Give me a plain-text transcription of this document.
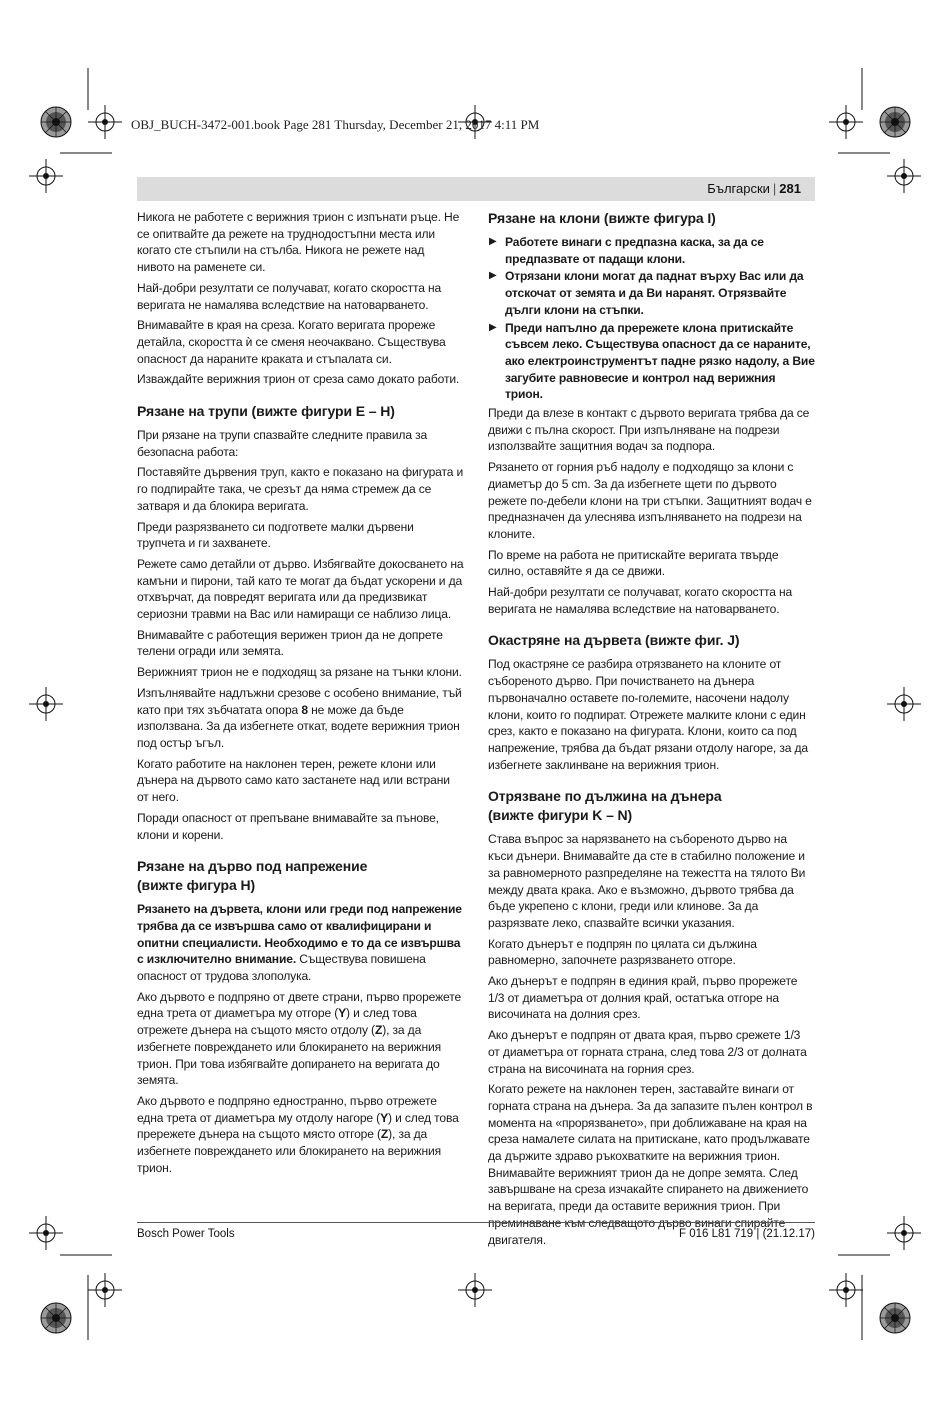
OBJ_BUCH-3472-001.book Page 281 Thursday, December 21, 2017 4:11 PM
Български | 281

Никога не работете с верижния трион с изпънати ръце. Не се опитвайте да режете на труднодостъпни места или когато сте стъпили на стълба. Никога не режете над нивото на раменете си.

Най-добри резултати се получават, когато скоростта на веригата не намалява вследствие на натоварването.

Внимавайте в края на среза. Когато веригата прореже детайла, скоростта ѝ се сменя неочаквано. Съществува опасност да нараните краката и стъпалата си.

Изваждайте верижния трион от среза само докато работи.

Рязане на трупи (вижте фигури E – H)

При рязане на трупи спазвайте следните правила за безопасна работа:

Поставяйте дървения труп, както е показано на фигурата и го подпирайте така, че срезът да няма стремеж да се затваря и да блокира веригата.

Преди разрязването си подгответе малки дървени трупчета и ги захванете.

Режете само детайли от дърво. Избягвайте докосването на камъни и пирони, тай като те могат да бъдат ускорени и да отхвърчат, да повредят веригата или да предизвикат сериозни травми на Вас или намиращи се наблизо лица.

Внимавайте с работещия верижен трион да не допрете телени огради или земята.

Верижният трион не е подходящ за рязане на тънки клони.

Изпълнявайте надлъжни срезове с особено внимание, тъй като при тях зъбчатата опора 8 не може да бъде използвана. За да избегнете откат, водете верижния трион под остър ъгъл.

Когато работите на наклонен терен, режете клони или дънера на дървото само като застанете над или встрани от него.

Поради опасност от препъване внимавайте за пънове, клони и корени.

Рязане на дърво под напрежение
(вижте фигура H)

Рязането на дървета, клони или греди под напрежение трябва да се извършва само от квалифицирани и опитни специалисти. Необходимо е то да се извършва с изключително внимание. Съществува повишена опасност от трудова злополука.

Ако дървото е подпряно от двете страни, първо прорежете една трета от диаметъра му отгоре (Y) и след това отрежете дънера на същото място отдолу (Z), за да избегнете повреждането или блокирането на верижния трион. При това избягвайте допирането на веригата до земята.

Ако дървото е подпряно едностранно, първо отрежете една трета от диаметъра му отдолу нагоре (Y) и след това прережете дънера на същото място отгоре (Z), за да избегнете повреждането или блокирането на верижния трион.

Рязане на клони (вижте фигура I)
▶ Работете винаги с предпазна каска, за да се предпазвате от падащи клони.
▶ Отрязани клони могат да паднат върху Вас или да отскочат от земята и да Ви наранят. Отрязвайте дълги клони на стъпки.
▶ Преди напълно да прережете клона притискайте съвсем леко. Съществува опасност да се нараните, ако електроинструментът падне рязко надолу, а Вие загубите равновесие и контрол над верижния трион.

Преди да влезе в контакт с дървото веригата трябва да се движи с пълна скорост. При изпълняване на подрези използвайте защитния водач за подпора.

Рязането от горния ръб надолу е подходящо за клони с диаметър до 5 cm. За да избегнете щети по дървото режете по-дебели клони на три стъпки. Защитният водач е предназначен да улеснява изпълняването на подрези на клоните.

По време на работа не притискайте веригата твърде силно, оставяйте я да се движи.

Най-добри резултати се получават, когато скоростта на веригата не намалява вследствие на натоварването.

Окастряне на дървета (вижте фиг. J)

Под окастряне се разбира отрязването на клоните от събореното дърво. При почистването на дънера първоначално оставете по-големите, насочени надолу клони, които го подпират. Отрежете малките клони с един срез, както е показано на фигурата. Клони, които са под напрежение, трябва да бъдат рязани отдолу нагоре, за да избегнете заклинване на верижния трион.

Отрязване по дължина на дънера
(вижте фигури K – N)

Става въпрос за нарязването на събореното дърво на къси дънери. Внимавайте да сте в стабилно положение и за равномерното разпределяне на тежестта на тялото Ви между двата крака. Ако е възможно, дървото трябва да бъде укрепено с клони, греди или клинове. За да разрязвате леко, спазвайте всички указания.

Когато дънерът е подпрян по цялата си дължина равномерно, започнете разрязването отгоре.

Ако дънерът е подпрян в единия край, първо прорежете 1/3 от диаметъра от долния край, остатъка отгоре на височината на долния срез.

Ако дънерът е подпрян от двата края, първо срежете 1/3 от диаметъра от горната страна, след това 2/3 от долната страна на височината на горния срез.

Когато режете на наклонен терен, заставайте винаги от горната страна на дънера. За да запазите пълен контрол в момента на «прорязването», при доближаване на края на среза намалете силата на притискане, като продължавате да държите здраво ръкохватките на верижния трион. Внимавайте верижният трион да не допре земята. След завършване на среза изчакайте спирането на движението на веригата, преди да оставите верижния трион. При двигателя.

Bosch Power Tools	F 016 L81 719 | (21.12.17)
